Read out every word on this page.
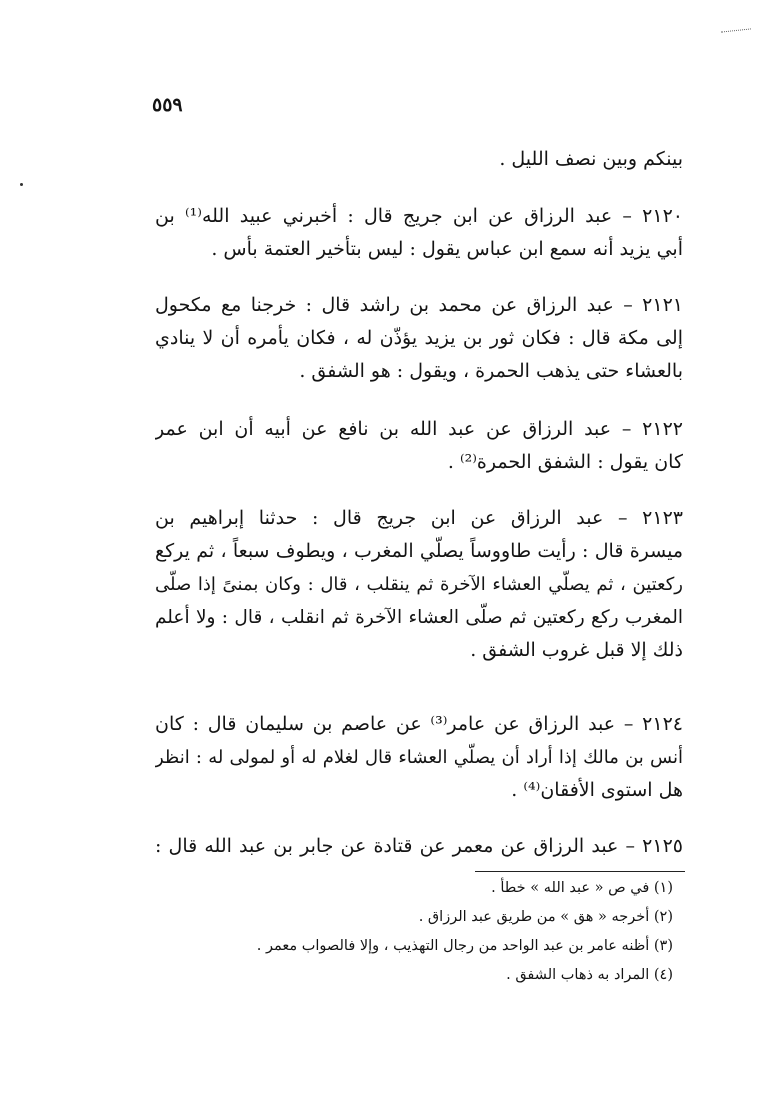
٥٥٩
بينكم وبين نصف الليل .
٢١٢٠ – عبد الرزاق عن ابن جريج قال : أخبرني عبيد الله⁽¹⁾ بن
أبي يزيد أنه سمع ابن عباس يقول : ليس بتأخير العتمة بأس .
٢١٢١ – عبد الرزاق عن محمد بن راشد قال : خرجنا مع مكحول
إلى مكة قال : فكان ثور بن يزيد يؤذّن له ، فكان يأمره أن لا ينادي
بالعشاء حتى يذهب الحمرة ، ويقول : هو الشفق .
٢١٢٢ – عبد الرزاق عن عبد الله بن نافع عن أبيه أن ابن عمر
كان يقول : الشفق الحمرة⁽²⁾ .
٢١٢٣ – عبد الرزاق عن ابن جريج قال : حدثنا إبراهيم بن
ميسرة قال : رأيت طاووساً يصلّي المغرب ، ويطوف سبعاً ، ثم يركع
ركعتين ، ثم يصلّي العشاء الآخرة ثم ينقلب ، قال : وكان بمنىً إذا صلّى
المغرب ركع ركعتين ثم صلّى العشاء الآخرة ثم انقلب ، قال : ولا أعلم
ذلك إلا قبل غروب الشفق .
٢١٢٤ – عبد الرزاق عن عامر⁽³⁾ عن عاصم بن سليمان قال : كان
أنس بن مالك إذا أراد أن يصلّي العشاء قال لغلام له أو لمولى له : انظر
هل استوى الأفقان⁽⁴⁾ .
٢١٢٥ – عبد الرزاق عن معمر عن قتادة عن جابر بن عبد الله قال :
(١) في ص « عبد الله » خطأ .
(٢) أخرجه « هق » من طريق عبد الرزاق .
(٣) أظنه عامر بن عبد الواحد من رجال التهذيب ، وإلا فالصواب معمر .
(٤) المراد به ذهاب الشفق .
